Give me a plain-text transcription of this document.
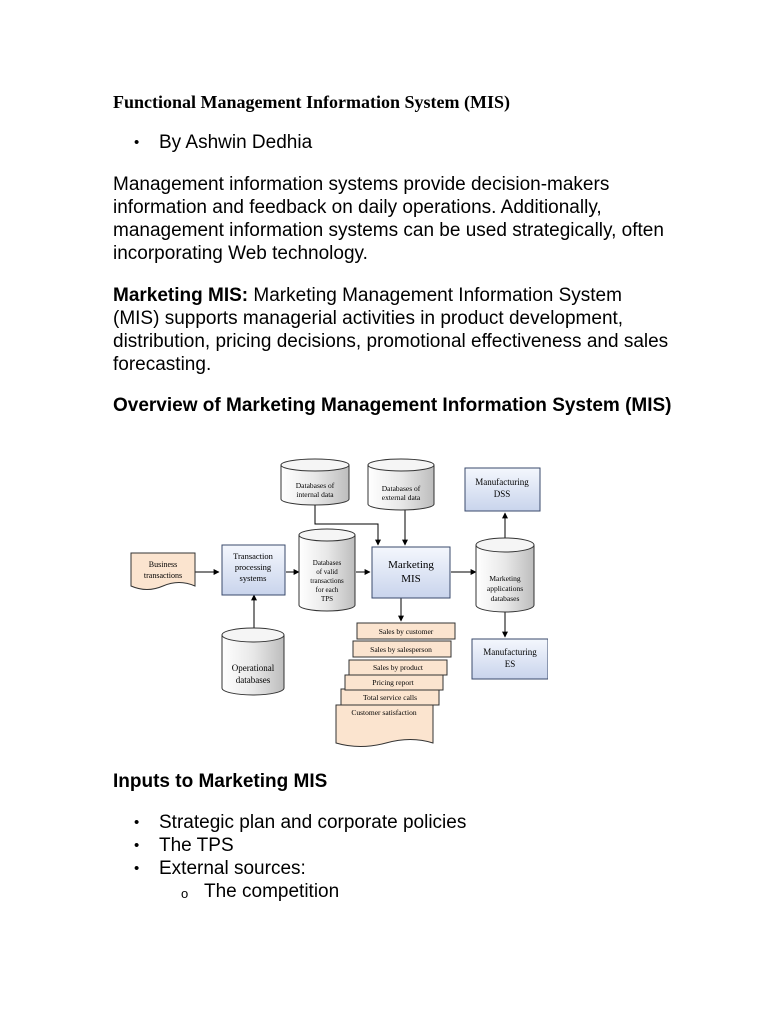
Functional Management Information System (MIS)
• By Ashwin Dedhia

Management information systems provide decision-makers information and feedback on daily operations. Additionally, management information systems can be used strategically, often incorporating Web technology.

Marketing MIS: Marketing Management Information System (MIS) supports managerial activities in product development, distribution, pricing decisions, promotional effectiveness and sales forecasting.

Overview of Marketing Management Information System (MIS)

Databases of
internal data
Databases of
external data
Manufacturing
DSS
Business
transactions
Transaction
processing
systems
Databases
of valid
transactions
for each
TPS
Marketing
MIS	Marketing
applications
databases
Operational
databases
Manufacturing
ES
Customer satisfaction
Total service calls
Pricing report
Sales by product
Sales by salesperson
Sales by customer

Inputs to Marketing MIS

• Strategic plan and corporate policies
• The TPS
• External sources:
o The competition
